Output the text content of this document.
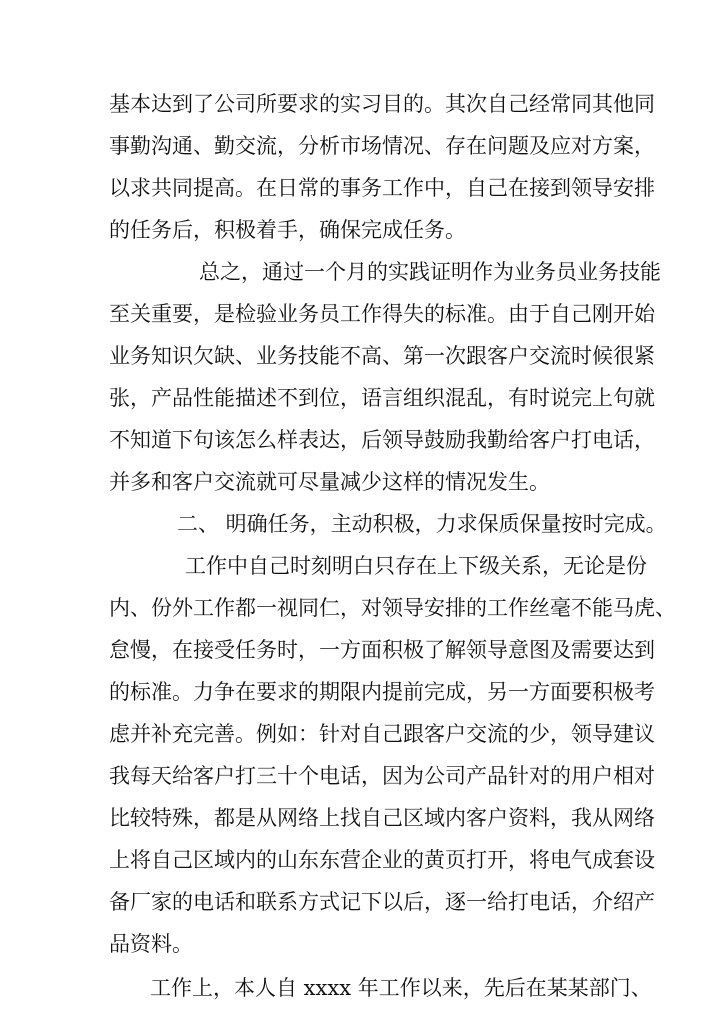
基本达到了公司所要求的实习目的。其次自己经常同其他同
事勤沟通、勤交流，分析市场情况、存在问题及应对方案，
以求共同提高。在日常的事务工作中，自己在接到领导安排
的任务后，积极着手，确保完成任务。
总之，通过一个月的实践证明作为业务员业务技能
至关重要，是检验业务员工作得失的标准。由于自己刚开始
业务知识欠缺、业务技能不高、第一次跟客户交流时候很紧
张，产品性能描述不到位，语言组织混乱，有时说完上句就
不知道下句该怎么样表达，后领导鼓励我勤给客户打电话，
并多和客户交流就可尽量减少这样的情况发生。
二、 明确任务，主动积极，力求保质保量按时完成。
工作中自己时刻明白只存在上下级关系，无论是份
内、份外工作都一视同仁，对领导安排的工作丝毫不能马虎、
怠慢，在接受任务时，一方面积极了解领导意图及需要达到
的标准。力争在要求的期限内提前完成，另一方面要积极考
虑并补充完善。例如：针对自己跟客户交流的少，领导建议
我每天给客户打三十个电话，因为公司产品针对的用户相对
比较特殊，都是从网络上找自己区域内客户资料，我从网络
上将自己区域内的山东东营企业的黄页打开，将电气成套设
备厂家的电话和联系方式记下以后，逐一给打电话，介绍产
品资料。
工作上，本人自 xxxx 年工作以来，先后在某某部门、
